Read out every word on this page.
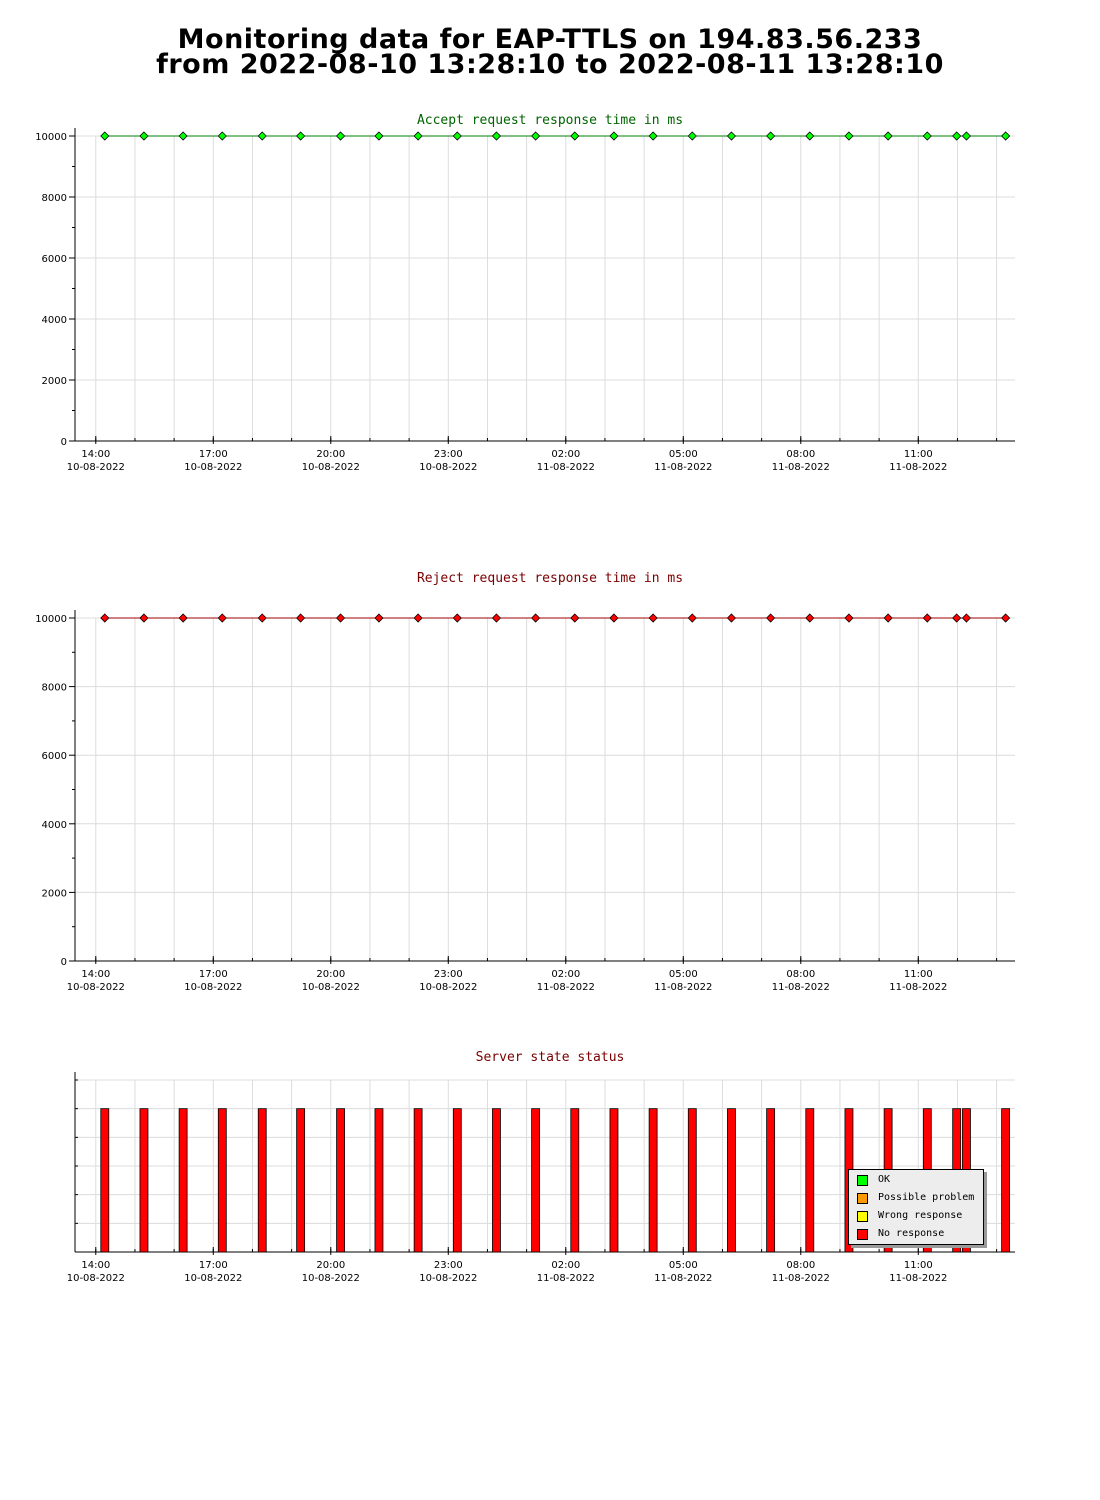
Monitoring data for EAP-TTLS on 194.83.56.233
from 2022-08-10 13:28:10 to 2022-08-11 13:28:10
Accept request response time in ms
Reject request response time in ms
Server state status
14:00
10-08-2022
17:00
10-08-2022
20:00
10-08-2022
23:00
10-08-2022
02:00
11-08-2022
05:00
11-08-2022
08:00
11-08-2022
11:00
11-08-2022
0
2000
4000
6000
8000
10000
14:00
10-08-2022
17:00
10-08-2022
20:00
10-08-2022
23:00
10-08-2022
02:00
11-08-2022
05:00
11-08-2022
08:00
11-08-2022
11:00
11-08-2022
0
2000
4000
6000
8000
10000
14:00
10-08-2022
17:00
10-08-2022
20:00
10-08-2022
23:00
10-08-2022
02:00
11-08-2022
05:00
11-08-2022
08:00
11-08-2022
11:00
11-08-2022
OK
Possible problem
Wrong response
No response
